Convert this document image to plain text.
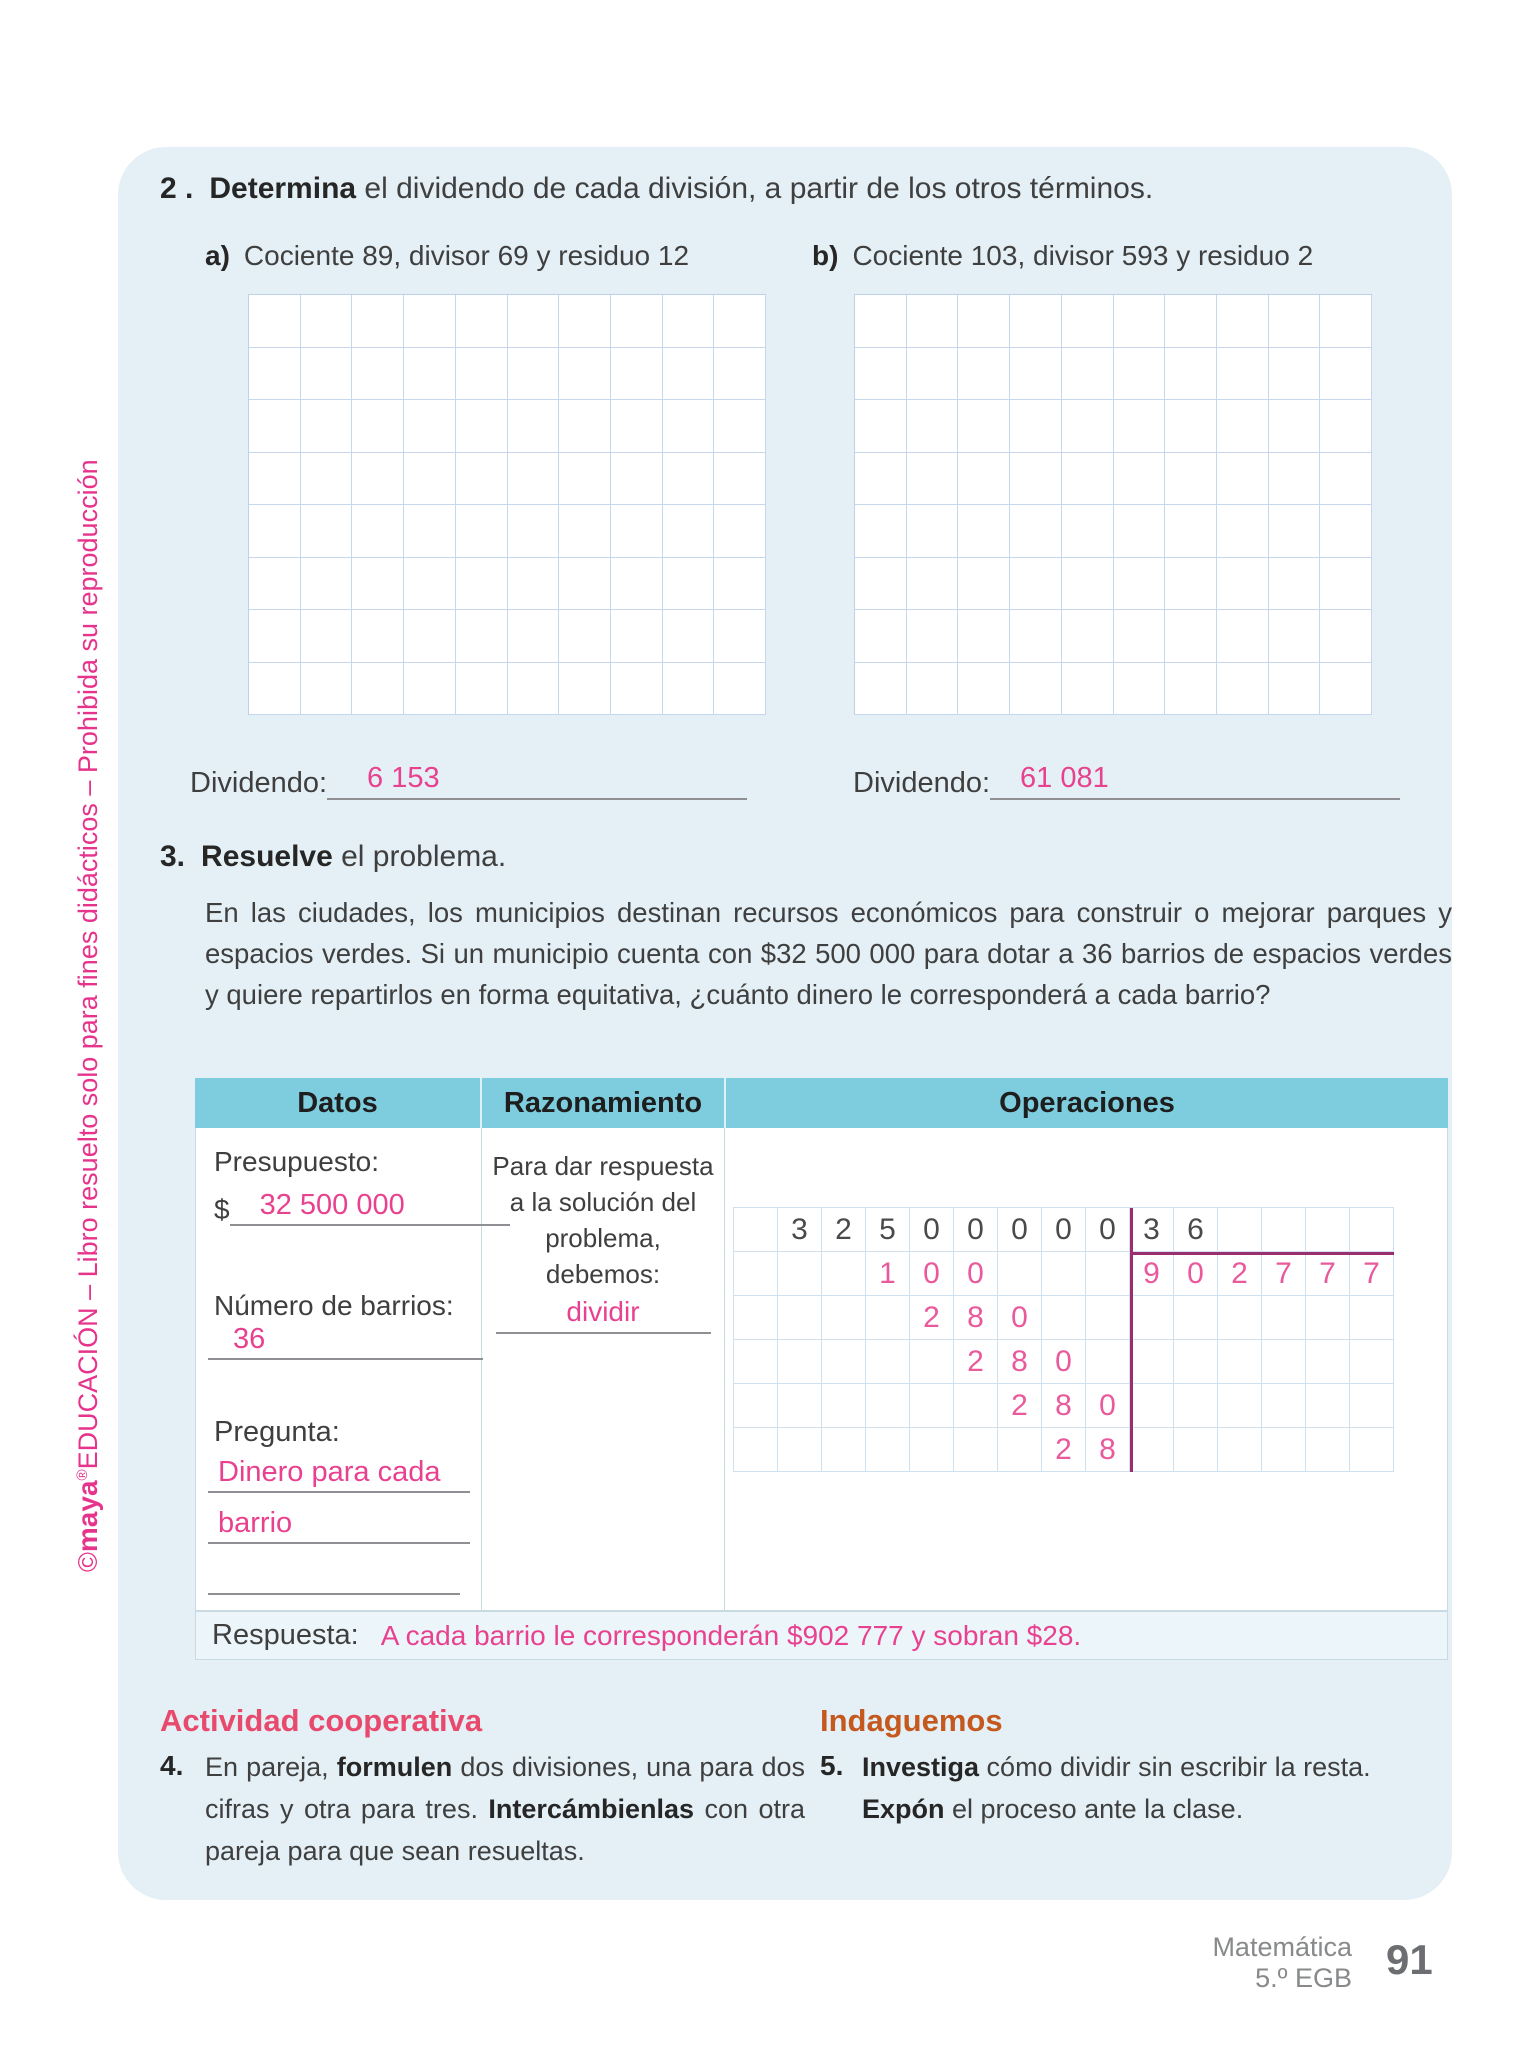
2 . Determina el dividendo de cada división, a partir de los otros términos.
a) Cociente 89, divisor 69 y residuo 12	b) Cociente 103, divisor 593 y residuo 2
Dividendo:	6 153	Dividendo:	61 081
3. Resuelve el problema.
En las ciudades, los municipios destinan recursos económicos para construir o mejorar parques y espacios verdes. Si un municipio cuenta con $32 500 000 para dotar a 36 barrios de espacios verdes y quiere repartirlos en forma equitativa, ¿cuánto dinero le corresponderá a cada barrio?
Datos	Razonamiento	Operaciones
Presupuesto:
$	32 500 000
Número de barrios:
36
Pregunta:
Dinero para cada
barrio
Para dar respuesta
a la solución del
problema,
debemos:
dividir
3 2 5 0 0 0 0 0 3 6
1 0 0	9 0 2 7 7 7
2 8 0
2 8 0
2 8 0
2 8
Respuesta: A cada barrio le corresponderán $902 777 y sobran $28.
Actividad cooperativa
4. En pareja, formulen dos divisiones, una para dos cifras y otra para tres. Intercámbienlas con otra pareja para que sean resueltas.
Indaguemos
5. Investiga cómo dividir sin escribir la resta. Expón el proceso ante la clase.
©maya®EDUCACIÓN – Libro resuelto solo para fines didácticos – Prohibida su reproducción
Matemática
5.º EGB 91
